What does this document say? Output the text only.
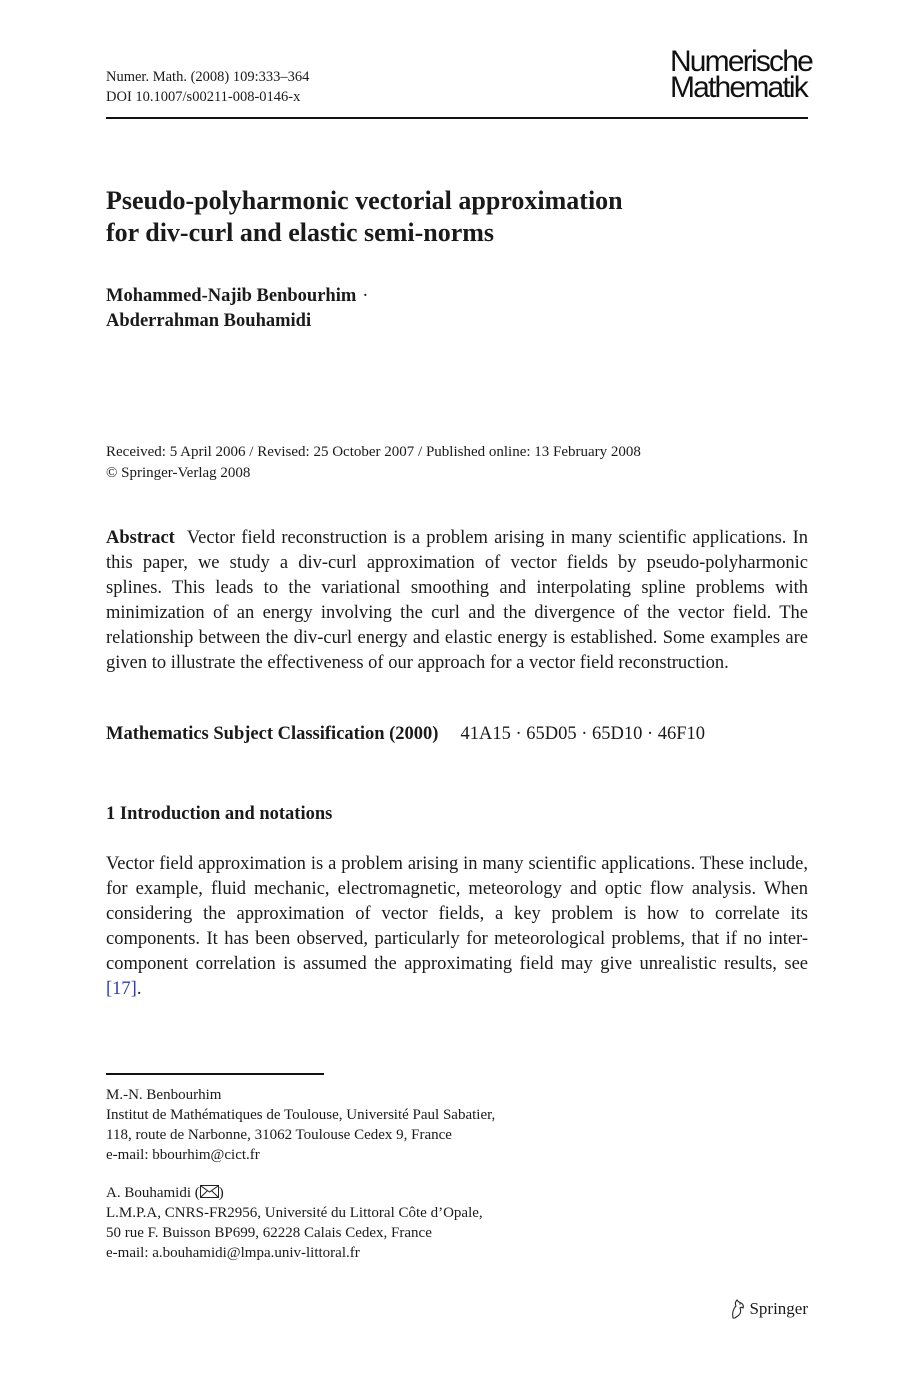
Numer. Math. (2008) 109:333–364
DOI 10.1007/s00211-008-0146-x
Numerische
Mathematik
Pseudo-polyharmonic vectorial approximation
for div-curl and elastic semi-norms
Mohammed-Najib Benbourhim ·
Abderrahman Bouhamidi
Received: 5 April 2006 / Revised: 25 October 2007 / Published online: 13 February 2008
© Springer-Verlag 2008
Abstract Vector field reconstruction is a problem arising in many scientific applications. In this paper, we study a div-curl approximation of vector fields by pseudo-polyharmonic splines. This leads to the variational smoothing and interpolating spline problems with minimization of an energy involving the curl and the divergence of the vector field. The relationship between the div-curl energy and elastic energy is established. Some examples are given to illustrate the effectiveness of our approach for a vector field reconstruction.
Mathematics Subject Classification (2000) 41A15 · 65D05 · 65D10 · 46F10
1 Introduction and notations
Vector field approximation is a problem arising in many scientific applications. These include, for example, fluid mechanic, electromagnetic, meteorology and optic flow analysis. When considering the approximation of vector fields, a key problem is how to correlate its components. It has been observed, particularly for meteorological problems, that if no inter-component correlation is assumed the approximating field may give unrealistic results, see [17].
M.-N. Benbourhim
Institut de Mathématiques de Toulouse, Université Paul Sabatier,
118, route de Narbonne, 31062 Toulouse Cedex 9, France
e-mail: bbourhim@cict.fr
A. Bouhamidi ( )
L.M.P.A, CNRS-FR2956, Université du Littoral Côte d’Opale,
50 rue F. Buisson BP699, 62228 Calais Cedex, France
e-mail: a.bouhamidi@lmpa.univ-littoral.fr
Springer
